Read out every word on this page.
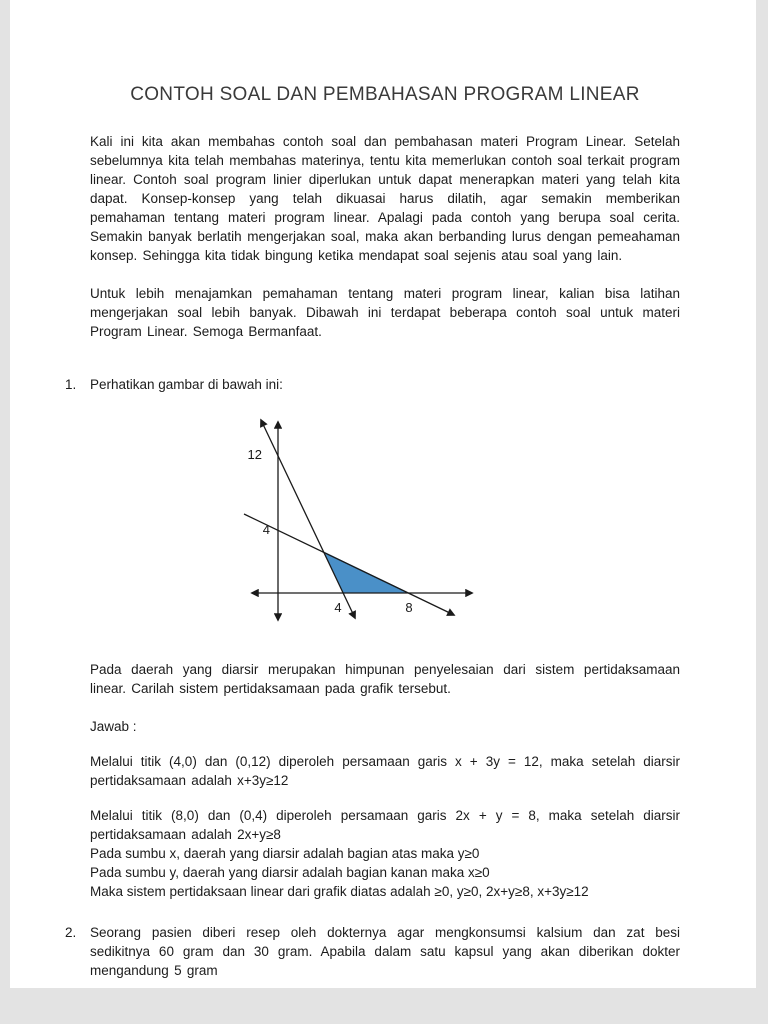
CONTOH SOAL DAN PEMBAHASAN PROGRAM LINEAR

Kali ini kita akan membahas contoh soal dan pembahasan materi Program Linear. Setelah sebelumnya kita telah membahas materinya, tentu kita memerlukan contoh soal terkait program linear. Contoh soal program linier diperlukan untuk dapat menerapkan materi yang telah kita dapat. Konsep-konsep yang telah dikuasai harus dilatih, agar semakin memberikan pemahaman tentang materi program linear. Apalagi pada contoh yang berupa soal cerita. Semakin banyak berlatih mengerjakan soal, maka akan berbanding lurus dengan pemeahaman konsep. Sehingga kita tidak bingung ketika mendapat soal sejenis atau soal yang lain.

Untuk lebih menajamkan pemahaman tentang materi program linear, kalian bisa latihan mengerjakan soal lebih banyak. Dibawah ini terdapat beberapa contoh soal untuk materi Program Linear. Semoga Bermanfaat.

1. Perhatikan gambar di bawah ini:
12
4
4	8

Pada daerah yang diarsir merupakan himpunan penyelesaian dari sistem pertidaksamaan linear. Carilah sistem pertidaksamaan pada grafik tersebut.

Jawab :

Melalui titik (4,0) dan (0,12) diperoleh persamaan garis x + 3y = 12, maka setelah diarsir pertidaksamaan adalah x+3y≥12

Melalui titik (8,0) dan (0,4) diperoleh persamaan garis 2x + y = 8, maka setelah diarsir pertidaksamaan adalah 2x+y≥8

Pada sumbu x, daerah yang diarsir adalah bagian atas maka y≥0
Pada sumbu y, daerah yang diarsir adalah bagian kanan maka x≥0
Maka sistem pertidaksaan linear dari grafik diatas adalah ≥0, y≥0, 2x+y≥8, x+3y≥12
2. Seorang pasien diberi resep oleh dokternya agar mengkonsumsi kalsium dan zat besi sedikitnya 60 gram dan 30 gram. Apabila dalam satu kapsul yang akan diberikan dokter mengandung 5 gram
